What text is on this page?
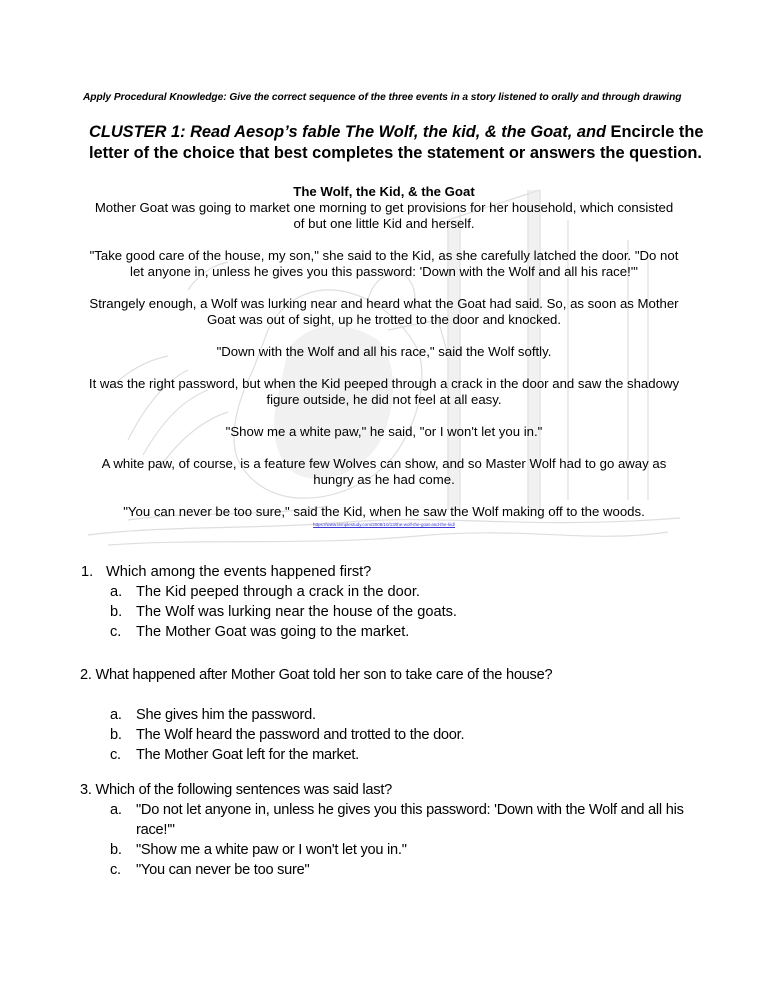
Apply Procedural Knowledge: Give the correct sequence of the three events in a story listened to orally and through drawing
CLUSTER 1: Read Aesop’s fable The Wolf, the kid, & the Goat, and Encircle the letter of the choice that best completes the statement or answers the question.
The Wolf, the Kid, & the Goat

Mother Goat was going to market one morning to get provisions for her household, which consisted of but one little Kid and herself.

"Take good care of the house, my son," she said to the Kid, as she carefully latched the door. "Do not let anyone in, unless he gives you this password: 'Down with the Wolf and all his race!'"

Strangely enough, a Wolf was lurking near and heard what the Goat had said. So, as soon as Mother Goat was out of sight, up he trotted to the door and knocked.

"Down with the Wolf and all his race," said the Wolf softly.

It was the right password, but when the Kid peeped through a crack in the door and saw the shadowy figure outside, he did not feel at all easy.

"Show me a white paw," he said, "or I won't let you in."

A white paw, of course, is a feature few Wolves can show, and so Master Wolf had to go away as hungry as he had come.

"You can never be too sure," said the Kid, when he saw the Wolf making off to the woods.

https://www.templestudy.com/2008/10/13/the-wolf-the-goat-and-the-kid/
1. Which among the events happened first?
a. The Kid peeped through a crack in the door.
b. The Wolf was lurking near the house of the goats.
c. The Mother Goat was going to the market.
2. What happened after Mother Goat told her son to take care of the house?
a. She gives him the password.
b. The Wolf heard the password and trotted to the door.
c. The Mother Goat left for the market.
3. Which of the following sentences was said last?
a. "Do not let anyone in, unless he gives you this password: 'Down with the Wolf and all his race!'"
b. "Show me a white paw or I won't let you in."
c. "You can never be too sure"
